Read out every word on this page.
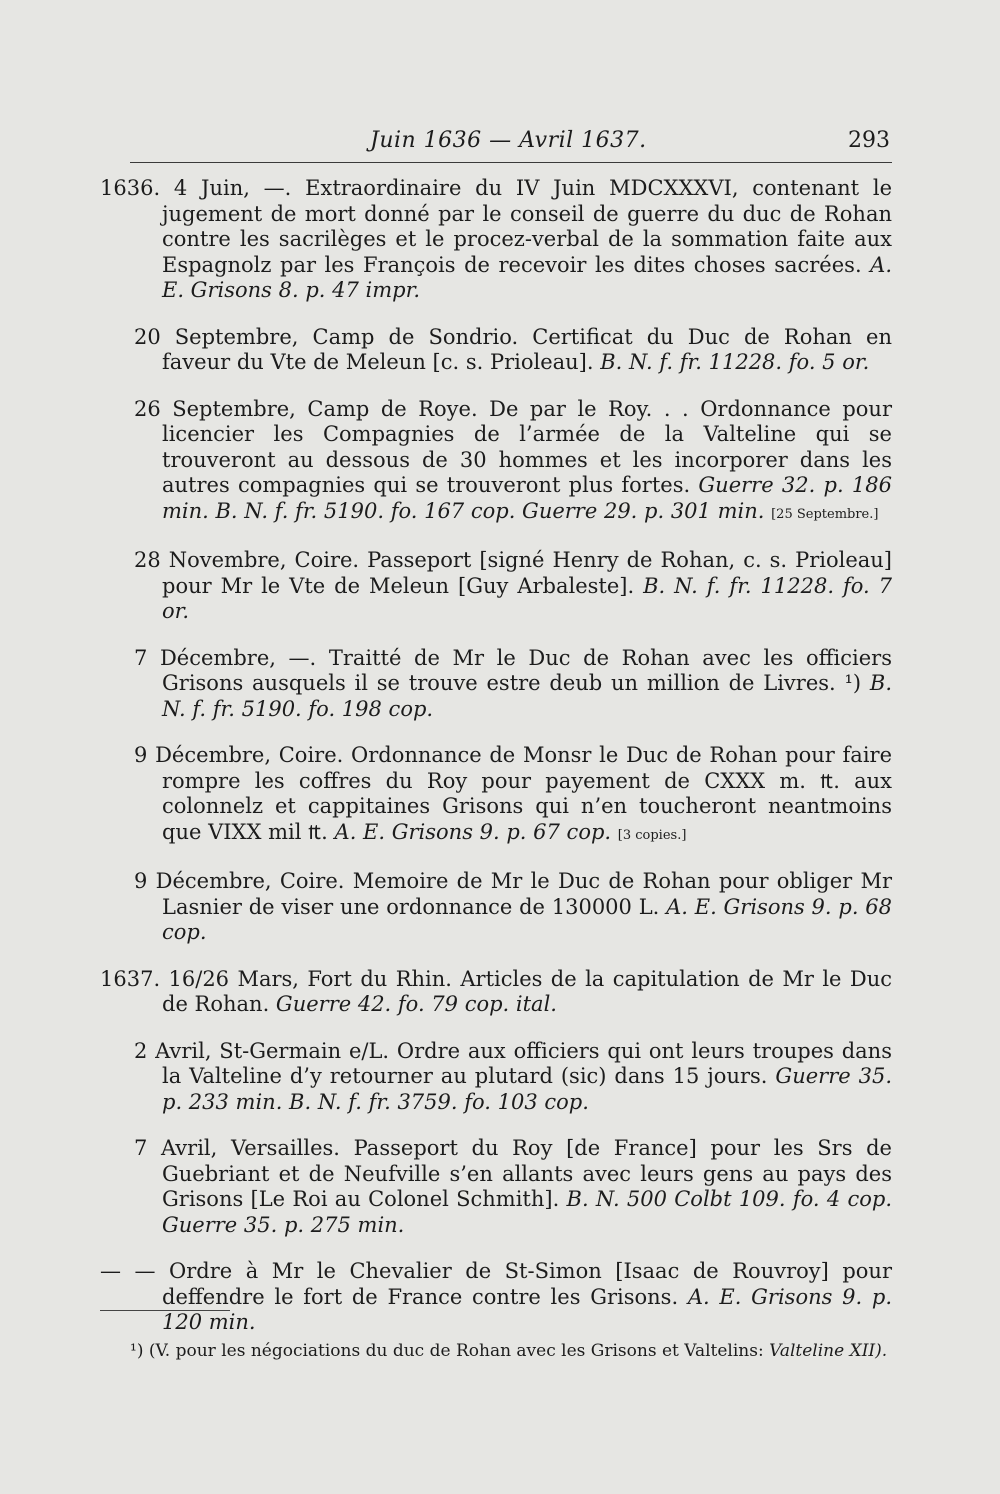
Juin 1636 — Avril 1637.	293

1636. 4 Juin, —. Extraordinaire du IV Juin MDCXXXVI, contenant le jugement de mort donné par le conseil de guerre du duc de Rohan contre les sacrilèges et le procez-verbal de la sommation faite aux Espagnolz par les François de recevoir les dites choses sacrées. A. E. Grisons 8. p. 47 impr.

20 Septembre, Camp de Sondrio. Certificat du Duc de Rohan en faveur du Vte de Meleun [c. s. Prioleau]. B. N. f. fr. 11228. fo. 5 or.

26 Septembre, Camp de Roye. De par le Roy. . . Ordonnance pour licencier les Compagnies de l’armée de la Valteline qui se trouveront au dessous de 30 hommes et les incorporer dans les autres compagnies qui se trouveront plus fortes. Guerre 32. p. 186 min. B. N. f. fr. 5190. fo. 167 cop. Guerre 29. p. 301 min. [25 Septembre.]

28 Novembre, Coire. Passeport [signé Henry de Rohan, c. s. Prioleau] pour Mr le Vte de Meleun [Guy Arbaleste]. B. N. f. fr. 11228. fo. 7 or.

7 Décembre, —. Traitté de Mr le Duc de Rohan avec les officiers Grisons ausquels il se trouve estre deub un million de Livres. ¹) B. N. f. fr. 5190. fo. 198 cop.

9 Décembre, Coire. Ordonnance de Monsr le Duc de Rohan pour faire rompre les coffres du Roy pour payement de CXXX m. ₶. aux colonnelz et cappitaines Grisons qui n’en toucheront neantmoins que VIXX mil ₶. A. E. Grisons 9. p. 67 cop. [3 copies.]

9 Décembre, Coire. Memoire de Mr le Duc de Rohan pour obliger Mr Lasnier de viser une ordonnance de 130000 L. A. E. Grisons 9. p. 68 cop.

1637. 16/26 Mars, Fort du Rhin. Articles de la capitulation de Mr le Duc de Rohan. Guerre 42. fo. 79 cop. ital.

2 Avril, St-Germain e/L. Ordre aux officiers qui ont leurs troupes dans la Valteline d’y retourner au plutard (sic) dans 15 jours. Guerre 35. p. 233 min. B. N. f. fr. 3759. fo. 103 cop.

7 Avril, Versailles. Passeport du Roy [de France] pour les Srs de Guebriant et de Neufville s’en allants avec leurs gens au pays des Grisons [Le Roi au Colonel Schmith]. B. N. 500 Colbt 109. fo. 4 cop. Guerre 35. p. 275 min.

— — Ordre à Mr le Chevalier de St-Simon [Isaac de Rouvroy] pour deffendre le fort de France contre les Grisons. A. E. Grisons 9. p. 120 min.

¹) (V. pour les négociations du duc de Rohan avec les Grisons et Valtelins: Valteline XII).
